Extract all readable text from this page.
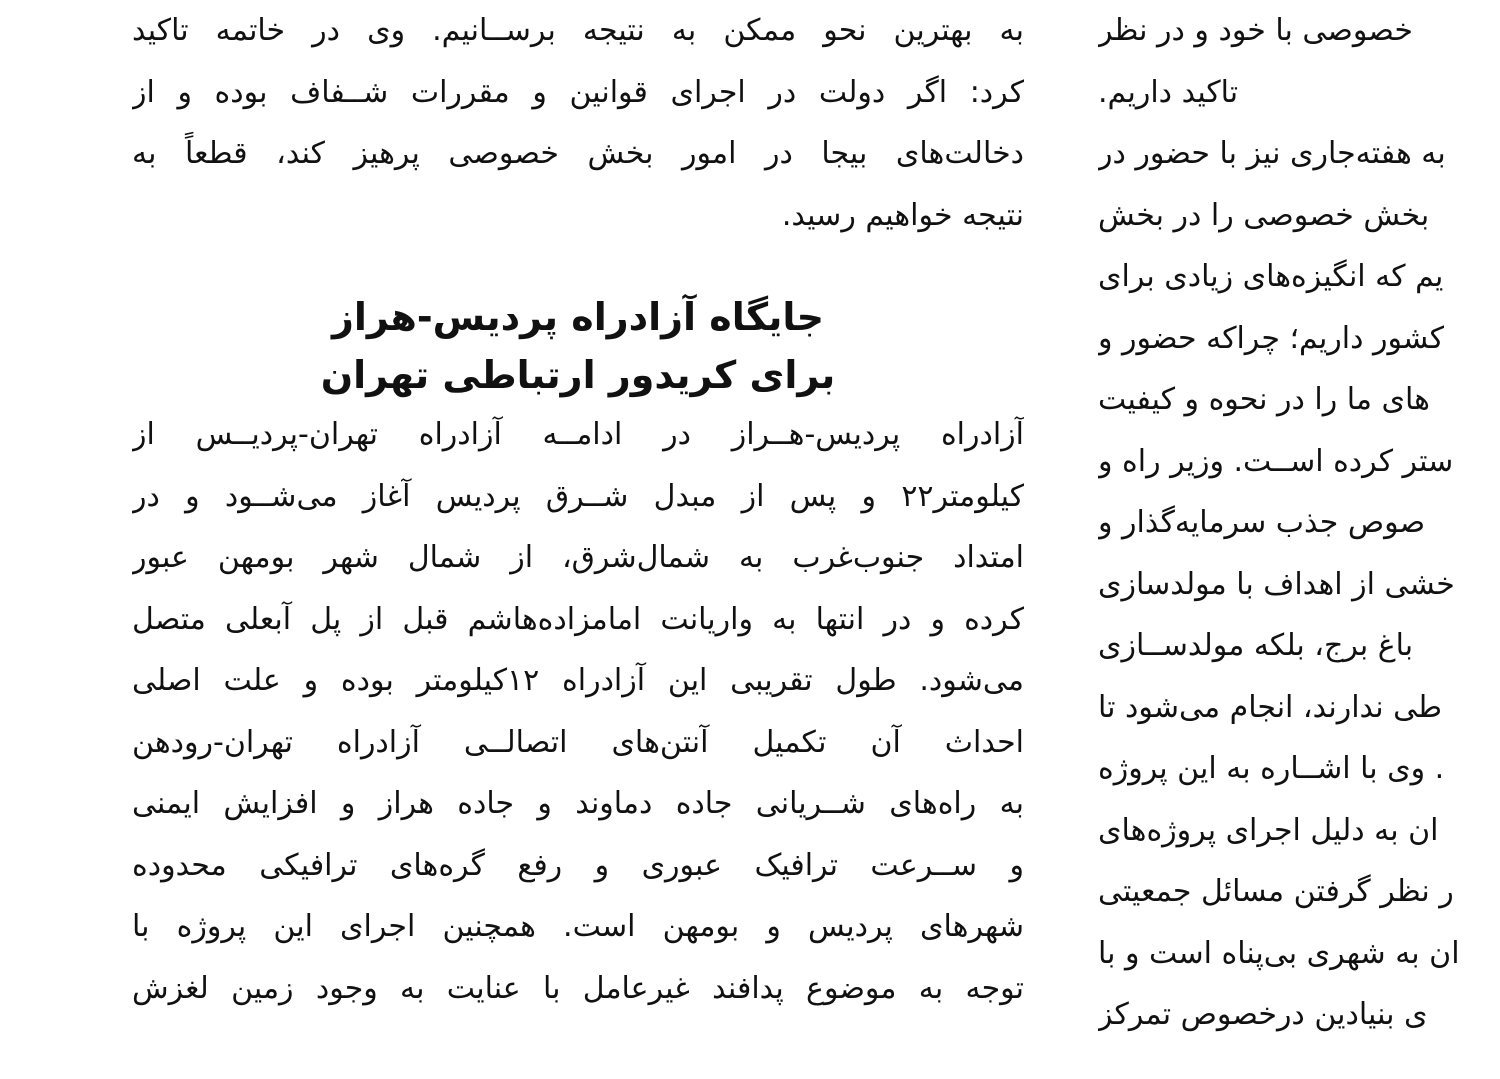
به بهترین نحو ممکن به نتیجه برســانیم. وی در خاتمه تاکید
کرد: اگر دولت در اجرای قوانین و مقررات شــفاف بوده و از
دخالت‌های بیجا در امور بخش خصوصی پرهیز کند، قطعاً به
نتیجه خواهیم رسید.
جایگاه آزادراه پردیس-هراز
برای کریدور ارتباطی تهران
آزادراه پردیس-هــراز در ادامــه آزادراه تهران-پردیــس از
کیلومتر۲۲ و پس از مبدل شــرق پردیس آغاز می‌شــود و در
امتداد جنوب‌غرب به شمال‌شرق، از شمال شهر بومهن عبور
کرده و در انتها به واریانت امامزاده‌هاشم قبل از پل آبعلی متصل
می‌شود. طول تقریبی این آزادراه ۱۲کیلومتر بوده و علت اصلی
احداث آن تکمیل آنتن‌های اتصالــی آزادراه تهران-رودهن
به راه‌های شــریانی جاده دماوند و جاده هراز و افزایش ایمنی
و ســرعت ترافیک عبوری و رفع گره‌های ترافیکی محدوده
شهرهای پردیس و بومهن است. همچنین اجرای این پروژه با
توجه به موضوع پدافند غیرعامل با عنایت به وجود زمین لغزش
خصوصی با خود و در نظر
تاکید داریم.
به هفته‌جاری نیز با حضور در
بخش خصوصی را در بخش
یم که انگیزه‌های زیادی برای
کشور داریم؛ چراکه حضور و
های ما را در نحوه و کیفیت
ستر کرده اســت. وزیر راه و
صوص جذب سرمایه‌گذار و
خشی از اهداف با مولدسازی
باغ برج، بلکه مولدســازی
طی ندارند، انجام می‌شود تا
. وی با اشــاره به این پروژه
ان به دلیل اجرای پروژه‌های
ر نظر گرفتن مسائل جمعیتی
ان به شهری بی‌پناه است و با
ی بنیادین درخصوص تمرکز
